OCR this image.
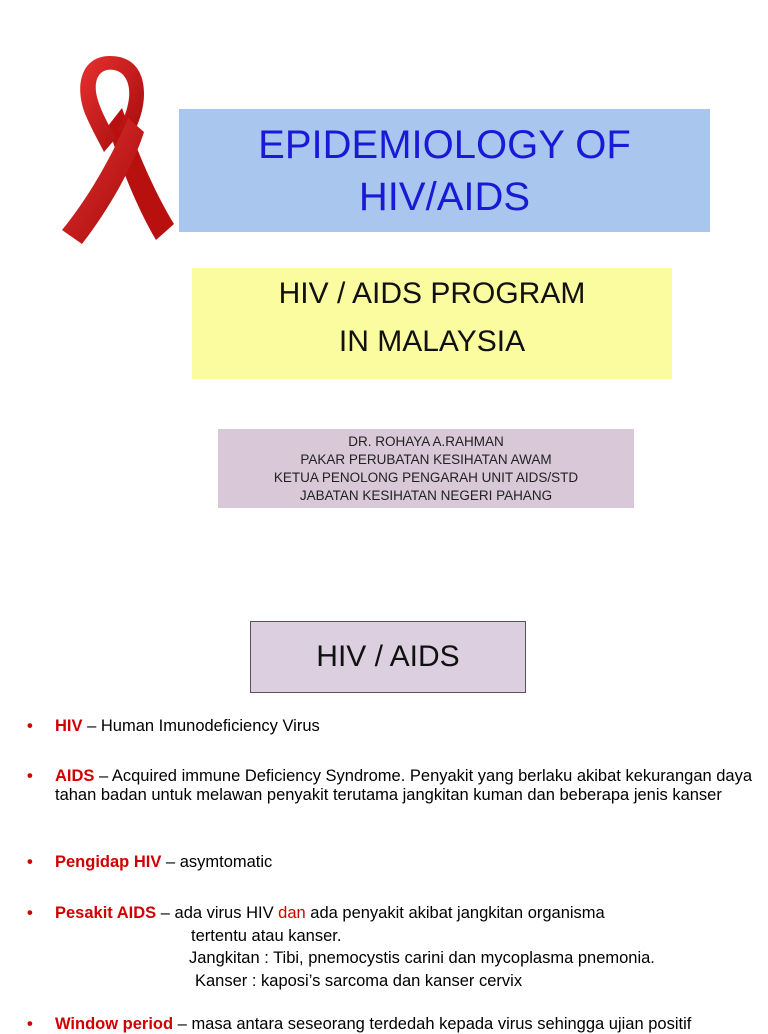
EPIDEMIOLOGY OF
HIV/AIDS
HIV / AIDS PROGRAM
IN MALAYSIA
DR. ROHAYA A.RAHMAN
PAKAR PERUBATAN KESIHATAN AWAM
KETUA PENOLONG PENGARAH UNIT AIDS/STD
JABATAN KESIHATAN NEGERI PAHANG
HIV / AIDS
• HIV – Human Imunodeficiency Virus
• AIDS – Acquired immune Deficiency Syndrome. Penyakit yang berlaku akibat kekurangan daya tahan badan untuk melawan penyakit terutama jangkitan kuman dan beberapa jenis kanser
• Pengidap HIV – asymtomatic
• Pesakit AIDS – ada virus HIV dan ada penyakit akibat jangkitan organisma
tertentu atau kanser.
Jangkitan : Tibi, pnemocystis carini dan mycoplasma pnemonia.
Kanser : kaposi’s sarcoma dan kanser cervix
• Window period – masa antara seseorang terdedah kepada virus sehingga ujian positif
